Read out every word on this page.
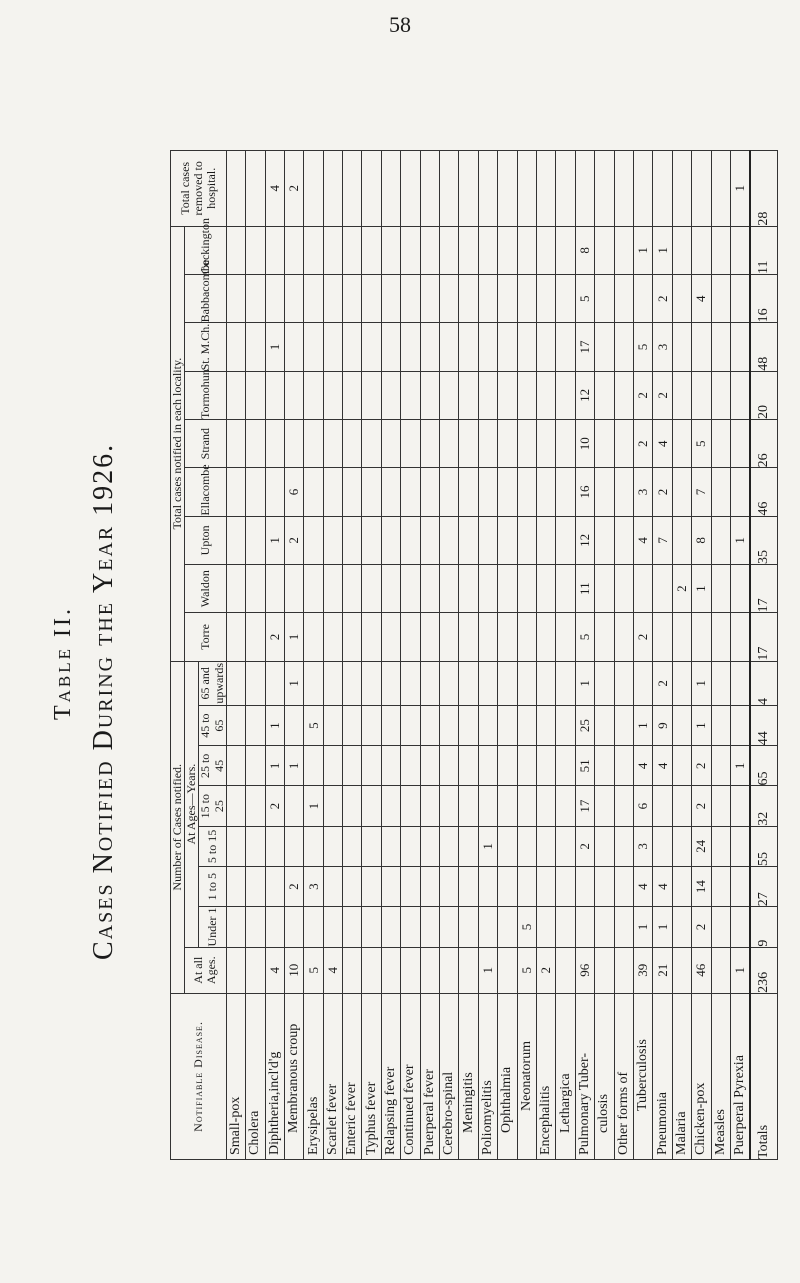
58
Table II. Cases Notified During the Year 1926.
Notifiable Disease.	Number of Cases notified.								Total cases notified in each locality.									Total cases removed to hospital.
	At all Ages.	At Ages—Years.							Torre	Waldon	Upton	Ellacombe	Strand	Tormohun	St. M.Ch.	Babbacombe	Cockington	
		Under 1	1 to 5	5 to 15	15 to 25	25 to 45	45 to 65	65 and upwards										
Small-pox																		
Cholera																		
Diphtheria,incl'd'g	4				2	1	1		2		1				1			4
Membranous croup	10		2			1		1	1		2	6						2
Erysipelas	5		3		1		5											
Scarlet fever	4																	
Enteric fever																		
Typhus fever																		
Relapsing fever																		
Continued fever																		
Puerperal fever																		
Cerebro-spinal																		
Meningitis																		
Poliomyelitis	1			1														
Ophthalmia																		
Neonatorum	5	5																
Encephalitis	2																	
Lethargica																		
Pulmonary Tuber-	96			2	17	51	25	1	5	11	12	16	10	12	17	5	8	
culosis																		
Other forms of																		
Tuberculosis	39	1	4	3	6	4	1		2		4	3	2	2	5		1	
Pneumonia	21	1	4			4	9	2			7	2	4	2	3	2	1	
Malaria										2								
Chicken-pox	46	2	14	24	2	2	1	1		1	8	7	5			4		
Measles																		
Puerperal Pyrexia	1					1					1							1
Totals	236	9	27	55	32	65	44	4	17	17	35	46	26	20	48	16	11	28
